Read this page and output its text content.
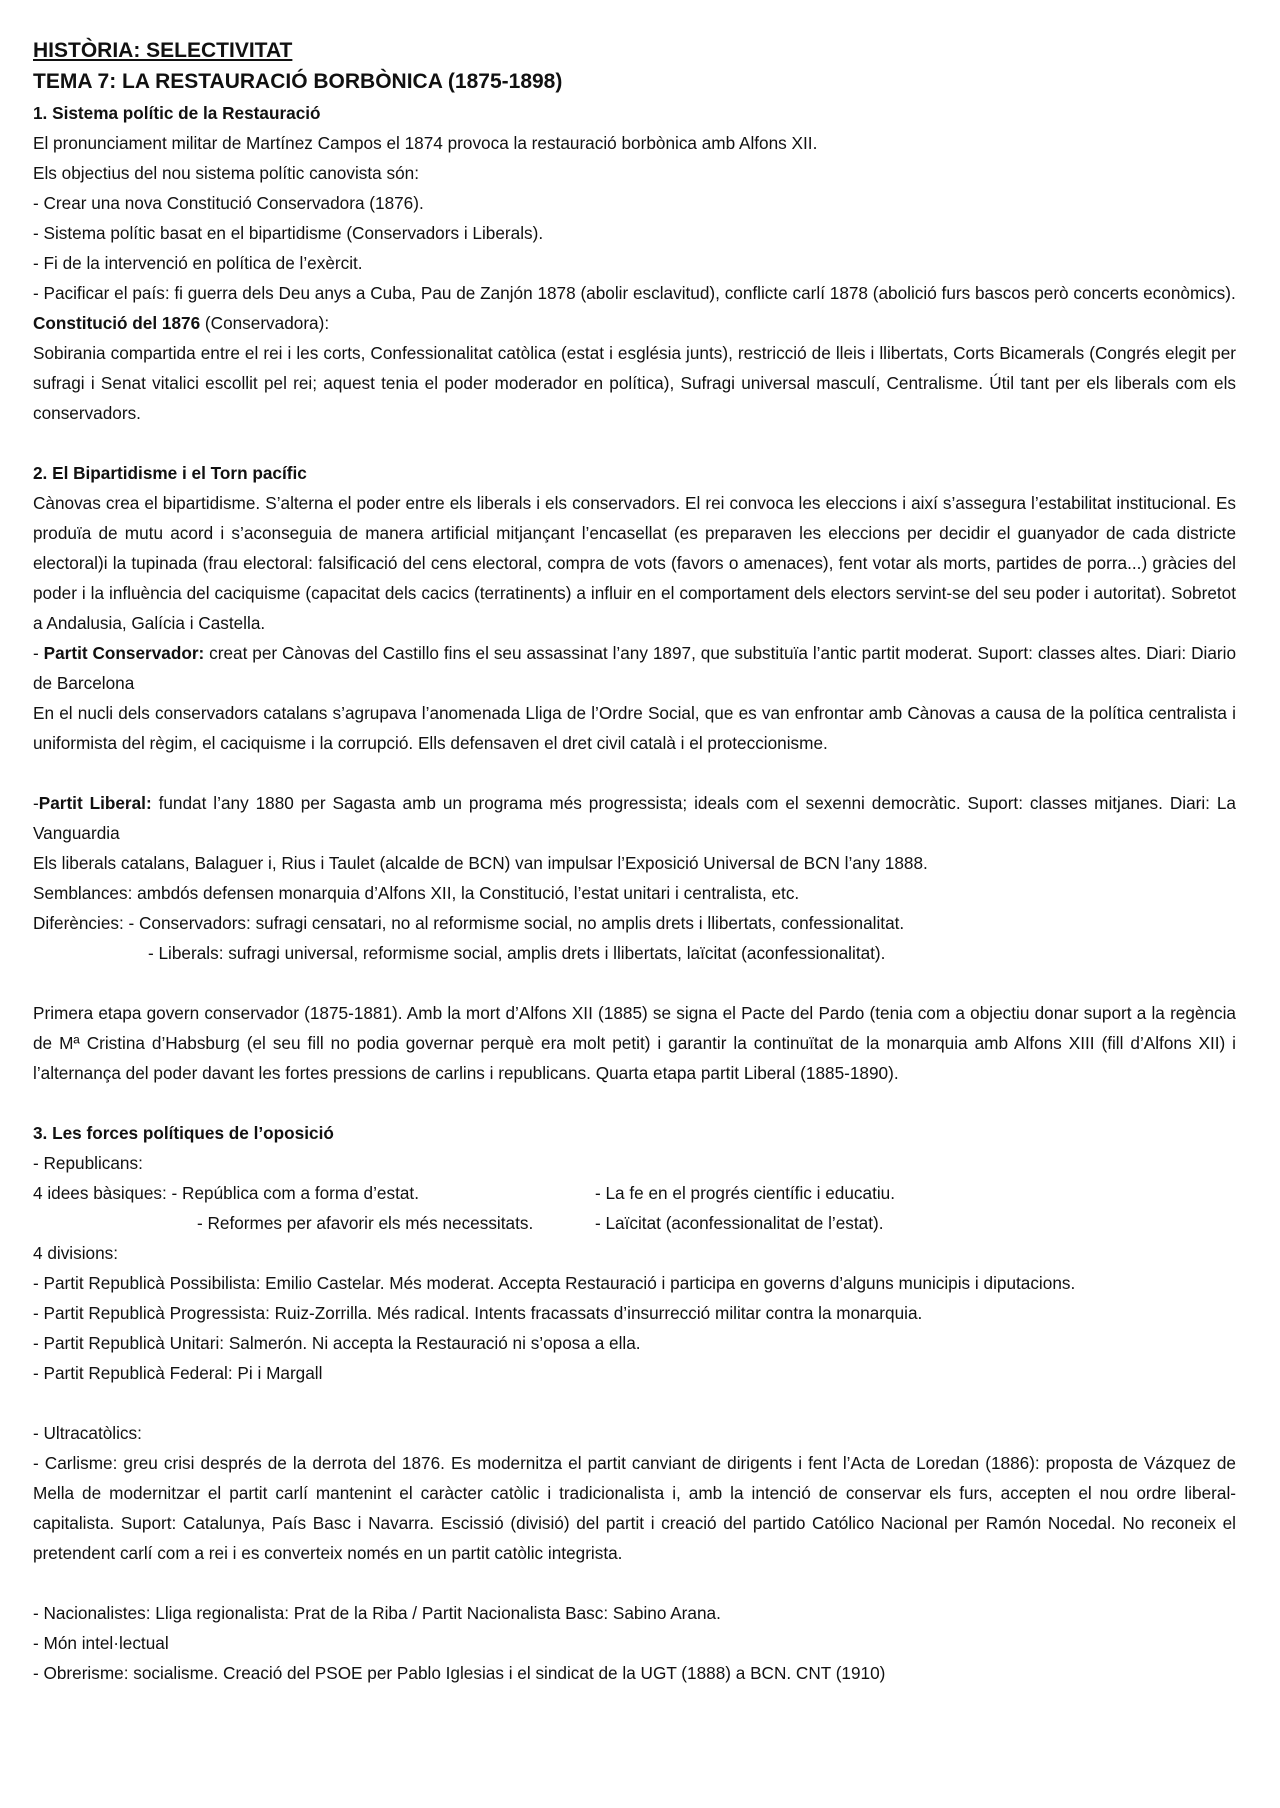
HISTÒRIA: SELECTIVITAT
TEMA 7: LA RESTAURACIÓ BORBÒNICA (1875-1898)

1. Sistema polític de la Restauració

El pronunciament militar de Martínez Campos el 1874 provoca la restauració borbònica amb Alfons XII.

Els objectius del nou sistema polític canovista són:

- Crear una nova Constitució Conservadora (1876).

- Sistema polític basat en el bipartidisme (Conservadors i Liberals).

- Fi de la intervenció en política de l’exèrcit.

- Pacificar el país: fi guerra dels Deu anys a Cuba, Pau de Zanjón 1878 (abolir esclavitud), conflicte carlí 1878 (abolició furs bascos però concerts econòmics).

Constitució del 1876 (Conservadora):

Sobirania compartida entre el rei i les corts, Confessionalitat catòlica (estat i església junts), restricció de lleis i llibertats, Corts Bicamerals (Congrés elegit per sufragi i Senat vitalici escollit pel rei; aquest tenia el poder moderador en política), Sufragi universal masculí, Centralisme. Útil tant per els liberals com els conservadors.

2. El Bipartidisme i el Torn pacífic

Cànovas crea el bipartidisme. S’alterna el poder entre els liberals i els conservadors. El rei convoca les eleccions i així s’assegura l’estabilitat institucional. Es produïa de mutu acord i s’aconseguia de manera artificial mitjançant l’encasellat (es preparaven les eleccions per decidir el guanyador de cada districte electoral)i la tupinada (frau electoral: falsificació del cens electoral, compra de vots (favors o amenaces), fent votar als morts, partides de porra...) gràcies del poder i la influència del caciquisme (capacitat dels cacics (terratinents) a influir en el comportament dels electors servint-se del seu poder i autoritat). Sobretot a Andalusia, Galícia i Castella.

- Partit Conservador: creat per Cànovas del Castillo fins el seu assassinat l’any 1897, que substituïa l’antic partit moderat. Suport: classes altes. Diari: Diario de Barcelona

En el nucli dels conservadors catalans s’agrupava l’anomenada Lliga de l’Ordre Social, que es van enfrontar amb Cànovas a causa de la política centralista i uniformista del règim, el caciquisme i la corrupció. Ells defensaven el dret civil català i el proteccionisme.

-Partit Liberal: fundat l’any 1880 per Sagasta amb un programa més progressista; ideals com el sexenni democràtic. Suport: classes mitjanes. Diari: La Vanguardia

Els liberals catalans, Balaguer i, Rius i Taulet (alcalde de BCN) van impulsar l’Exposició Universal de BCN l’any 1888.

Semblances: ambdós defensen monarquia d’Alfons XII, la Constitució, l’estat unitari i centralista, etc.

Diferències: - Conservadors: sufragi censatari, no al reformisme social, no amplis drets i llibertats, confessionalitat.

- Liberals: sufragi universal, reformisme social, amplis drets i llibertats, laïcitat (aconfessionalitat).

Primera etapa govern conservador (1875-1881). Amb la mort d’Alfons XII (1885) se signa el Pacte del Pardo (tenia com a objectiu donar suport a la regència de Mª Cristina d’Habsburg (el seu fill no podia governar perquè era molt petit) i garantir la continuïtat de la monarquia amb Alfons XIII (fill d’Alfons XII) i l’alternança del poder davant les fortes pressions de carlins i republicans. Quarta etapa partit Liberal (1885-1890).

3. Les forces polítiques de l’oposició

- Republicans:

4 idees bàsiques: - República com a forma d’estat.	- La fe en el progrés científic i educatiu.
- Reformes per afavorir els més necessitats.	- Laïcitat (aconfessionalitat de l’estat).

4 divisions:

- Partit Republicà Possibilista: Emilio Castelar. Més moderat. Accepta Restauració i participa en governs d’alguns municipis i diputacions.

- Partit Republicà Progressista: Ruiz-Zorrilla. Més radical. Intents fracassats d’insurrecció militar contra la monarquia.

- Partit Republicà Unitari: Salmerón. Ni accepta la Restauració ni s’oposa a ella.

- Partit Republicà Federal: Pi i Margall

- Ultracatòlics:

- Carlisme: greu crisi després de la derrota del 1876. Es modernitza el partit canviant de dirigents i fent l’Acta de Loredan (1886): proposta de Vázquez de Mella de modernitzar el partit carlí mantenint el caràcter catòlic i tradicionalista i, amb la intenció de conservar els furs, accepten el nou ordre liberal-capitalista. Suport: Catalunya, País Basc i Navarra. Escissió (divisió) del partit i creació del partido Católico Nacional per Ramón Nocedal. No reconeix el pretendent carlí com a rei i es converteix només en un partit catòlic integrista.

- Nacionalistes: Lliga regionalista: Prat de la Riba / Partit Nacionalista Basc: Sabino Arana.

- Món intel·lectual

- Obrerisme: socialisme. Creació del PSOE per Pablo Iglesias i el sindicat de la UGT (1888) a BCN. CNT (1910)
